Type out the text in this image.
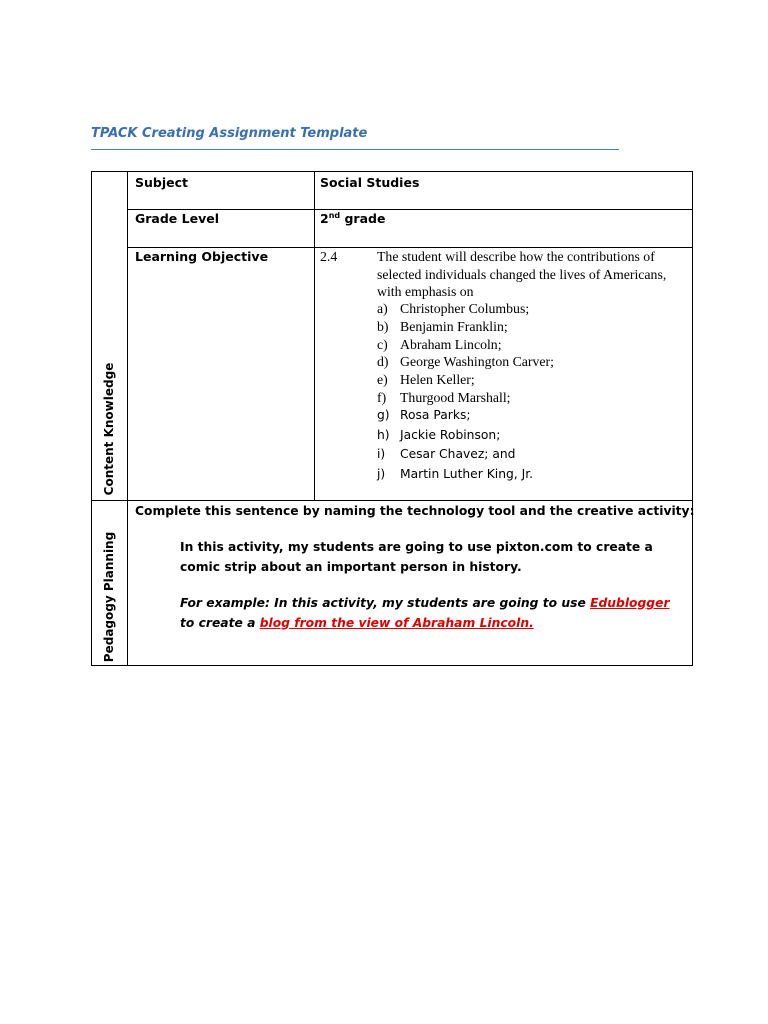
TPACK Creating Assignment Template
Content Knowledge
Pedagogy Planning
Subject	Social Studies
Grade Level	2nd grade
Learning Objective	2.4	The student will describe how the contributions of selected individuals changed the lives of Americans, with emphasis on
a) Christopher Columbus;
b) Benjamin Franklin;
c) Abraham Lincoln;
d) George Washington Carver;
e) Helen Keller;
f) Thurgood Marshall;
g) Rosa Parks;
h) Jackie Robinson;
i) Cesar Chavez; and
j) Martin Luther King, Jr.
Complete this sentence by naming the technology tool and the creative activity:

In this activity, my students are going to use pixton.com to create a comic strip about an important person in history.

For example: In this activity, my students are going to use Edublogger to create a blog from the view of Abraham Lincoln.
